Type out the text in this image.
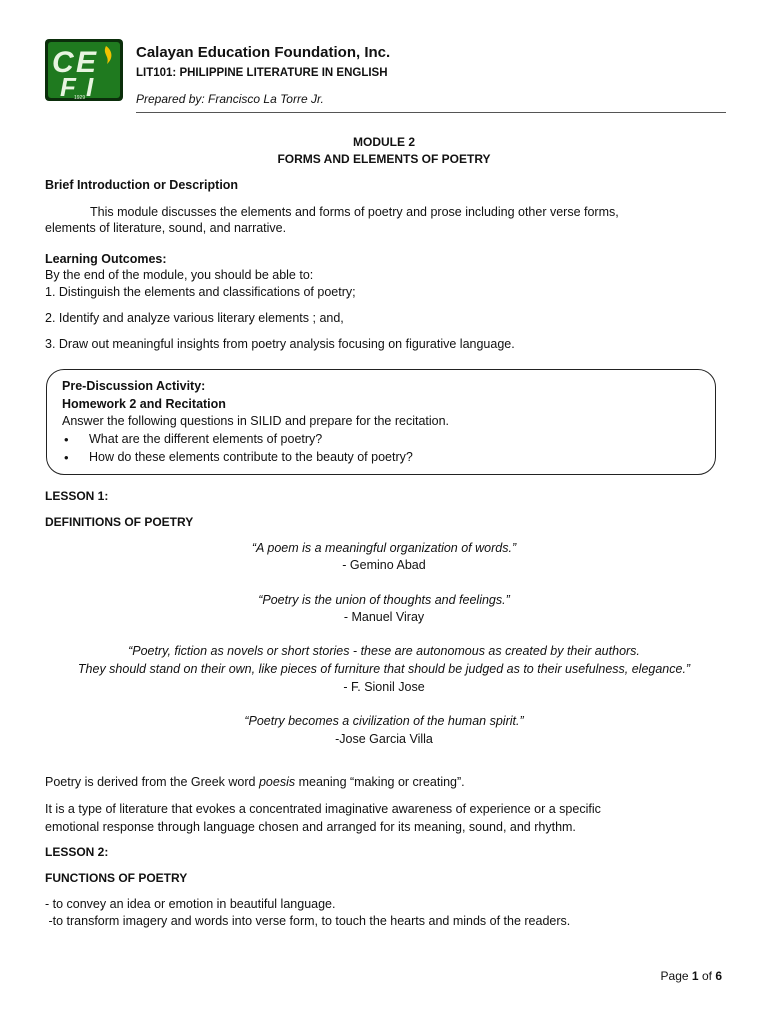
C E
F I
1929
Calayan Education Foundation, Inc.
LIT101: PHILIPPINE LITERATURE IN ENGLISH
Prepared by: Francisco La Torre Jr.
MODULE 2
FORMS AND ELEMENTS OF POETRY
Brief Introduction or Description
This module discusses the elements and forms of poetry and prose including other verse forms,
elements of literature, sound, and narrative.
Learning Outcomes:
By the end of the module, you should be able to:
1. Distinguish the elements and classifications of poetry;
2. Identify and analyze various literary elements ; and,
3. Draw out meaningful insights from poetry analysis focusing on figurative language.
Pre-Discussion Activity:
Homework 2 and Recitation
Answer the following questions in SILID and prepare for the recitation.
• What are the different elements of poetry?
• How do these elements contribute to the beauty of poetry?
LESSON 1:
DEFINITIONS OF POETRY
“A poem is a meaningful organization of words.”
- Gemino Abad
“Poetry is the union of thoughts and feelings.”
- Manuel Viray
“Poetry, fiction as novels or short stories - these are autonomous as created by their authors.
They should stand on their own, like pieces of furniture that should be judged as to their usefulness, elegance.”
- F. Sionil Jose
“Poetry becomes a civilization of the human spirit.”
-Jose Garcia Villa
Poetry is derived from the Greek word poesis meaning “making or creating”.
It is a type of literature that evokes a concentrated imaginative awareness of experience or a specific
emotional response through language chosen and arranged for its meaning, sound, and rhythm.
LESSON 2:
FUNCTIONS OF POETRY
- to convey an idea or emotion in beautiful language.
-to transform imagery and words into verse form, to touch the hearts and minds of the readers.
Page 1 of 6
